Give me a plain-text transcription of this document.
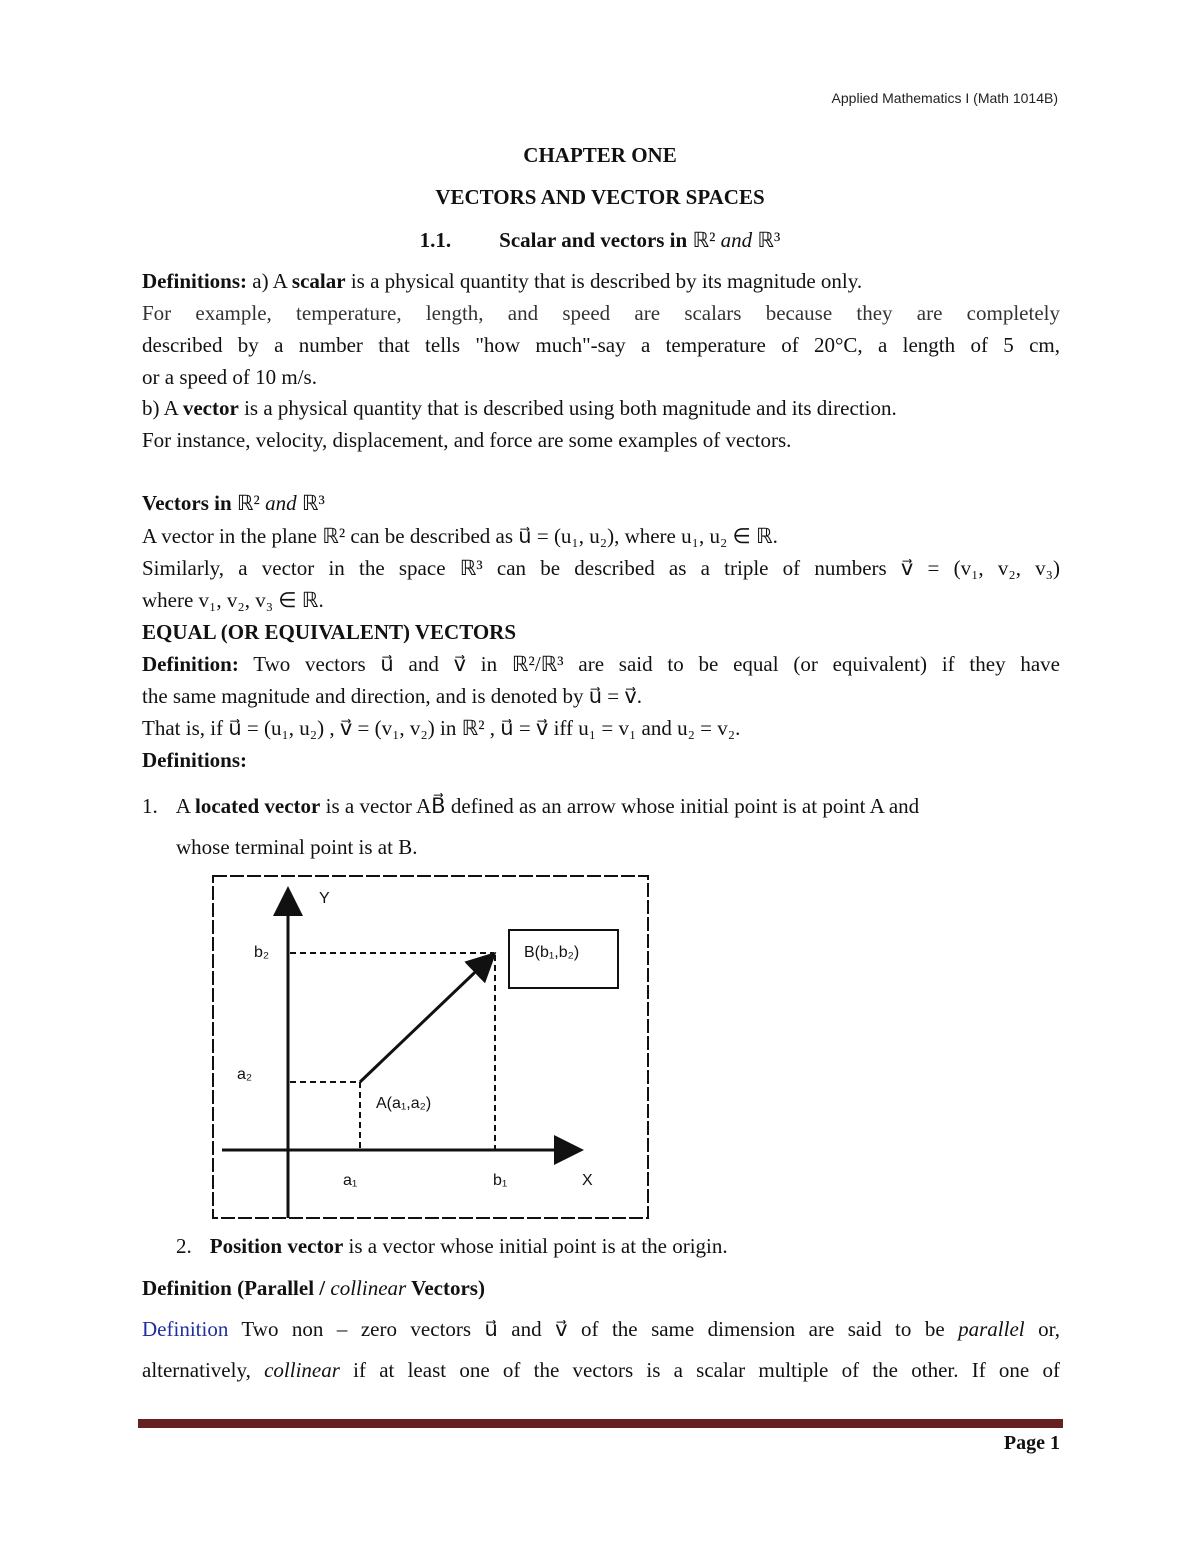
Applied Mathematics I (Math 1014B)
CHAPTER ONE
VECTORS AND VECTOR SPACES
1.1. Scalar and vectors in ℝ² and ℝ³
Definitions: a) A scalar is a physical quantity that is described by its magnitude only.
For example, temperature, length, and speed are scalars because they are completely
described by a number that tells "how much"-say a temperature of 20°C, a length of 5 cm,
or a speed of 10 m/s.
b) A vector is a physical quantity that is described using both magnitude and its direction.
For instance, velocity, displacement, and force are some examples of vectors.
Vectors in ℝ² and ℝ³
A vector in the plane ℝ² can be described as u⃗ = (u₁, u₂), where u₁, u₂ ∈ ℝ.
Similarly, a vector in the space ℝ³ can be described as a triple of numbers v⃗ = (v₁, v₂, v₃)
where v₁, v₂, v₃ ∈ ℝ.
EQUAL (OR EQUIVALENT) VECTORS
Definition: Two vectors u⃗ and v⃗ in ℝ²/ℝ³ are said to be equal (or equivalent) if they have
the same magnitude and direction, and is denoted by u⃗ = v⃗.
That is, if u⃗ = (u₁, u₂) , v⃗ = (v₁, v₂) in ℝ² , u⃗ = v⃗ iff u₁ = v₁ and u₂ = v₂.
Definitions:
1. A located vector is a vector AB⃗ defined as an arrow whose initial point is at point A and
whose terminal point is at B.
Y
b₂
a₂
A(a₁,a₂)
a₁	b₁	X
B(b₁,b₂)
2. Position vector is a vector whose initial point is at the origin.
Definition (Parallel / collinear Vectors)
Definition Two non – zero vectors u⃗ and v⃗ of the same dimension are said to be parallel or,
alternatively, collinear if at least one of the vectors is a scalar multiple of the other. If one of
Page 1
